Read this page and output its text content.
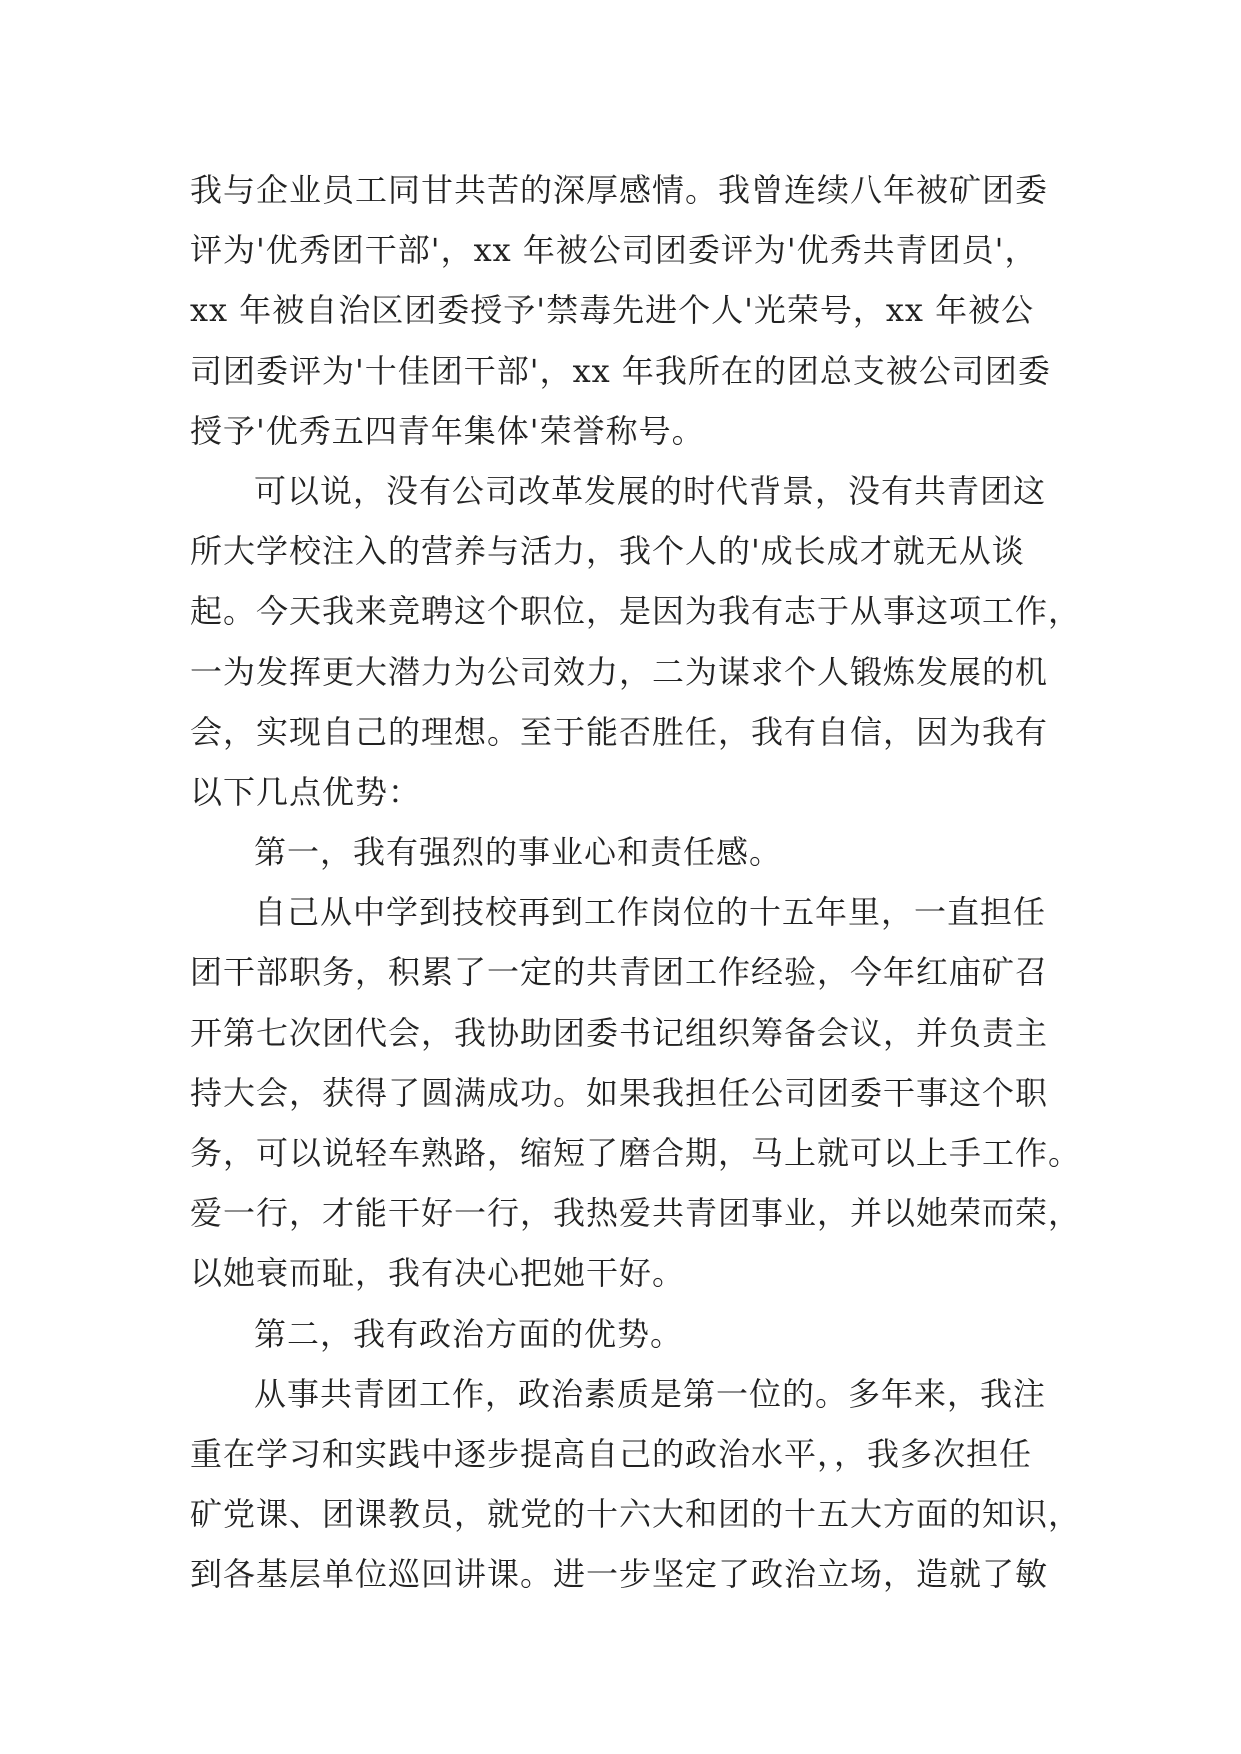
我与企业员工同甘共苦的深厚感情。我曾连续八年被矿团委
评为'优秀团干部'，xx 年被公司团委评为'优秀共青团员'，
xx 年被自治区团委授予'禁毒先进个人'光荣号，xx 年被公
司团委评为'十佳团干部'，xx 年我所在的团总支被公司团委
授予'优秀五四青年集体'荣誉称号。
可以说，没有公司改革发展的时代背景，没有共青团这
所大学校注入的营养与活力，我个人的'成长成才就无从谈
起。今天我来竞聘这个职位，是因为我有志于从事这项工作，
一为发挥更大潜力为公司效力，二为谋求个人锻炼发展的机
会，实现自己的理想。至于能否胜任，我有自信，因为我有
以下几点优势：
第一，我有强烈的事业心和责任感。
自己从中学到技校再到工作岗位的十五年里，一直担任
团干部职务，积累了一定的共青团工作经验，今年红庙矿召
开第七次团代会，我协助团委书记组织筹备会议，并负责主
持大会，获得了圆满成功。如果我担任公司团委干事这个职
务，可以说轻车熟路，缩短了磨合期，马上就可以上手工作。
爱一行，才能干好一行，我热爱共青团事业，并以她荣而荣，
以她衰而耻，我有决心把她干好。
第二，我有政治方面的优势。
从事共青团工作，政治素质是第一位的。多年来，我注
重在学习和实践中逐步提高自己的政治水平，，我多次担任
矿党课、团课教员，就党的十六大和团的十五大方面的知识，
到各基层单位巡回讲课。进一步坚定了政治立场，造就了敏
